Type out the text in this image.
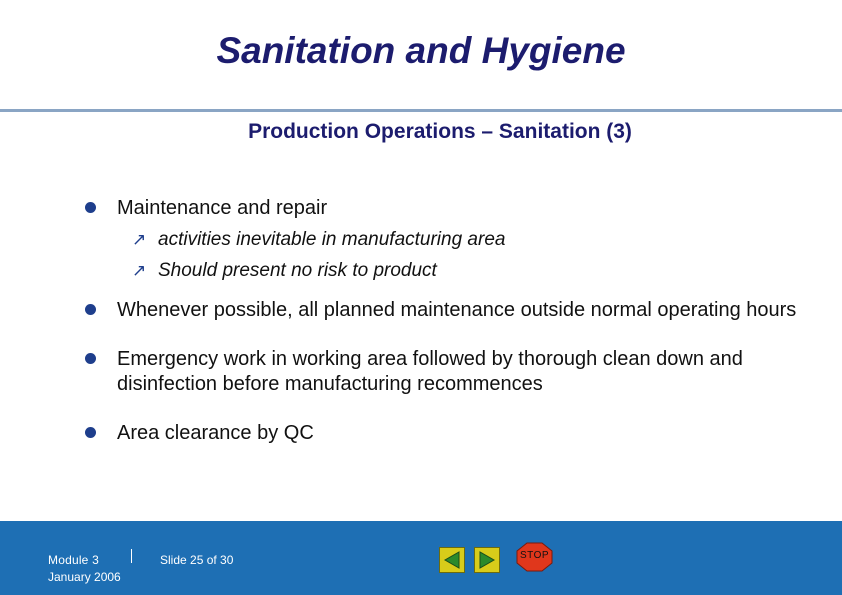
Sanitation and Hygiene
Production Operations – Sanitation (3)
Maintenance and repair
↗ activities inevitable in manufacturing area
↗ Should present no risk to product
Whenever possible, all planned maintenance outside normal operating hours
Emergency work in working area followed by thorough clean down and disinfection before manufacturing recommences
Area clearance by QC
Module 3
January 2006
Slide 25 of 30	STOP
